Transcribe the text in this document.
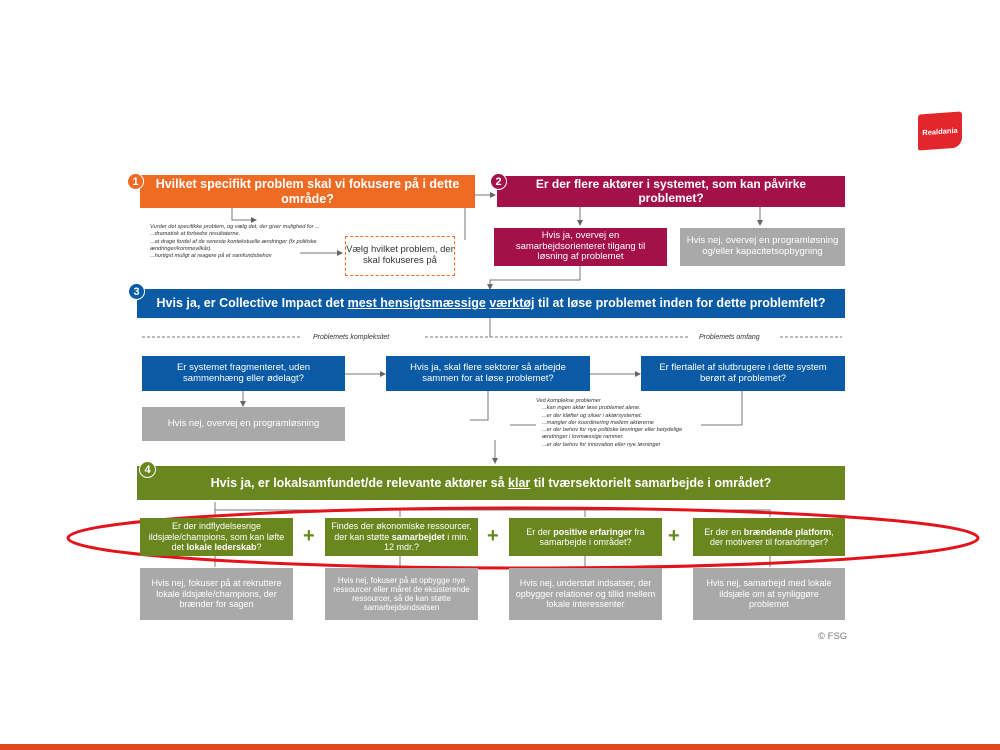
Realdania
Hvilket specifikt problem skal vi fokusere på i dette område?
1
Vurder det specifikke problem, og vælg det, der giver mulighed for ...
...dramatisk at forbedre resultaterne.
...at drage fordel af de seneste kontekstuelle ændringer (fx politiske ændringer/kommevilkår).
...hurtigst muligt at reagere på et samfundsbehov
Vælg hvilket problem, der skal fokuseres på
Er der flere aktører i systemet, som kan påvirke problemet?
2
Hvis ja, overvej en samarbejdsorienteret tilgang til løsning af problemet
Hvis nej, overvej en programløsning og/eller kapacitetsopbygning
Hvis ja, er Collective Impact det mest hensigtsmæssige værktøj til at løse problemet inden for dette problemfelt?
3
Problemets kompleksitet	Problemets omfang
Er systemet fragmenteret, uden sammenhæng eller ødelagt?
Hvis ja, skal flere sektorer så arbejde sammen for at løse problemet?
Er flertallet af slutbrugere i dette system berørt af problemet?
Hvis nej, overvej en programløsning
Ved komplekse problemer
...kan ingen aktør løse problemet alene.
...er der kløfter og siloer i aktørsystemet.
...mangler der koordinering mellem aktørerne
...er der behov for nye politiske løsninger eller betydelige ændringer i lovmæssige rammer.
...er der behov for innovation eller nye løsninger
Hvis ja, er lokalsamfundet/de relevante aktører så klar til tværsektorielt samarbejde i området?
4
Er der indflydelsesrige ildsjæle/champions, som kan løfte det lokale lederskab?
+ Findes der økonomiske ressourcer, der kan støtte samarbejdet i min. 12 mdr.?
+	Er der positive erfaringer fra samarbejde i området?	+	Er der en brændende platform, der motiverer til forandringer?
Hvis nej, fokuser på at rekruttere lokale ildsjæle/champions, der brænder for sagen
Hvis nej, fokuser på at opbygge nye ressourcer eller måret de eksisterende ressourcer, så de kan støtte samarbejdsindsatsen
Hvis nej, understøt indsatser, der opbygger relationer og tillid mellem lokale interessenter
Hvis nej, samarbejd med lokale ildsjæle om at synliggøre problemet
© FSG
